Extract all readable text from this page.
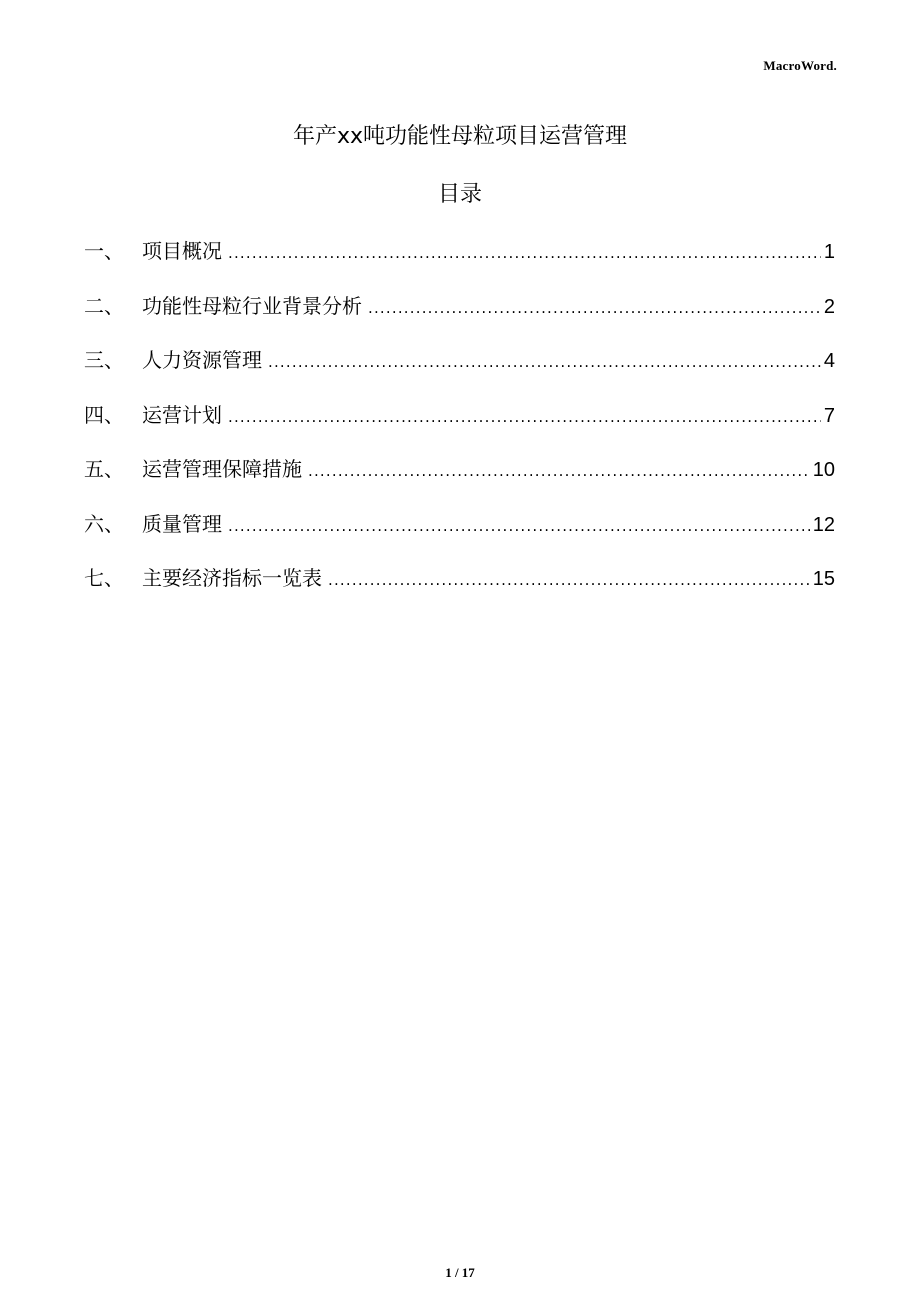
MacroWord.
年产xx吨功能性母粒项目运营管理
目录
一、 项目概况 .....	1
二、 功能性母粒行业背景分析 .....	2
三、 人力资源管理 .....	4
四、 运营计划 .....	7
五、 运营管理保障措施 .....	10
六、 质量管理 .....	12
七、 主要经济指标一览表 .....	15
1 / 17
